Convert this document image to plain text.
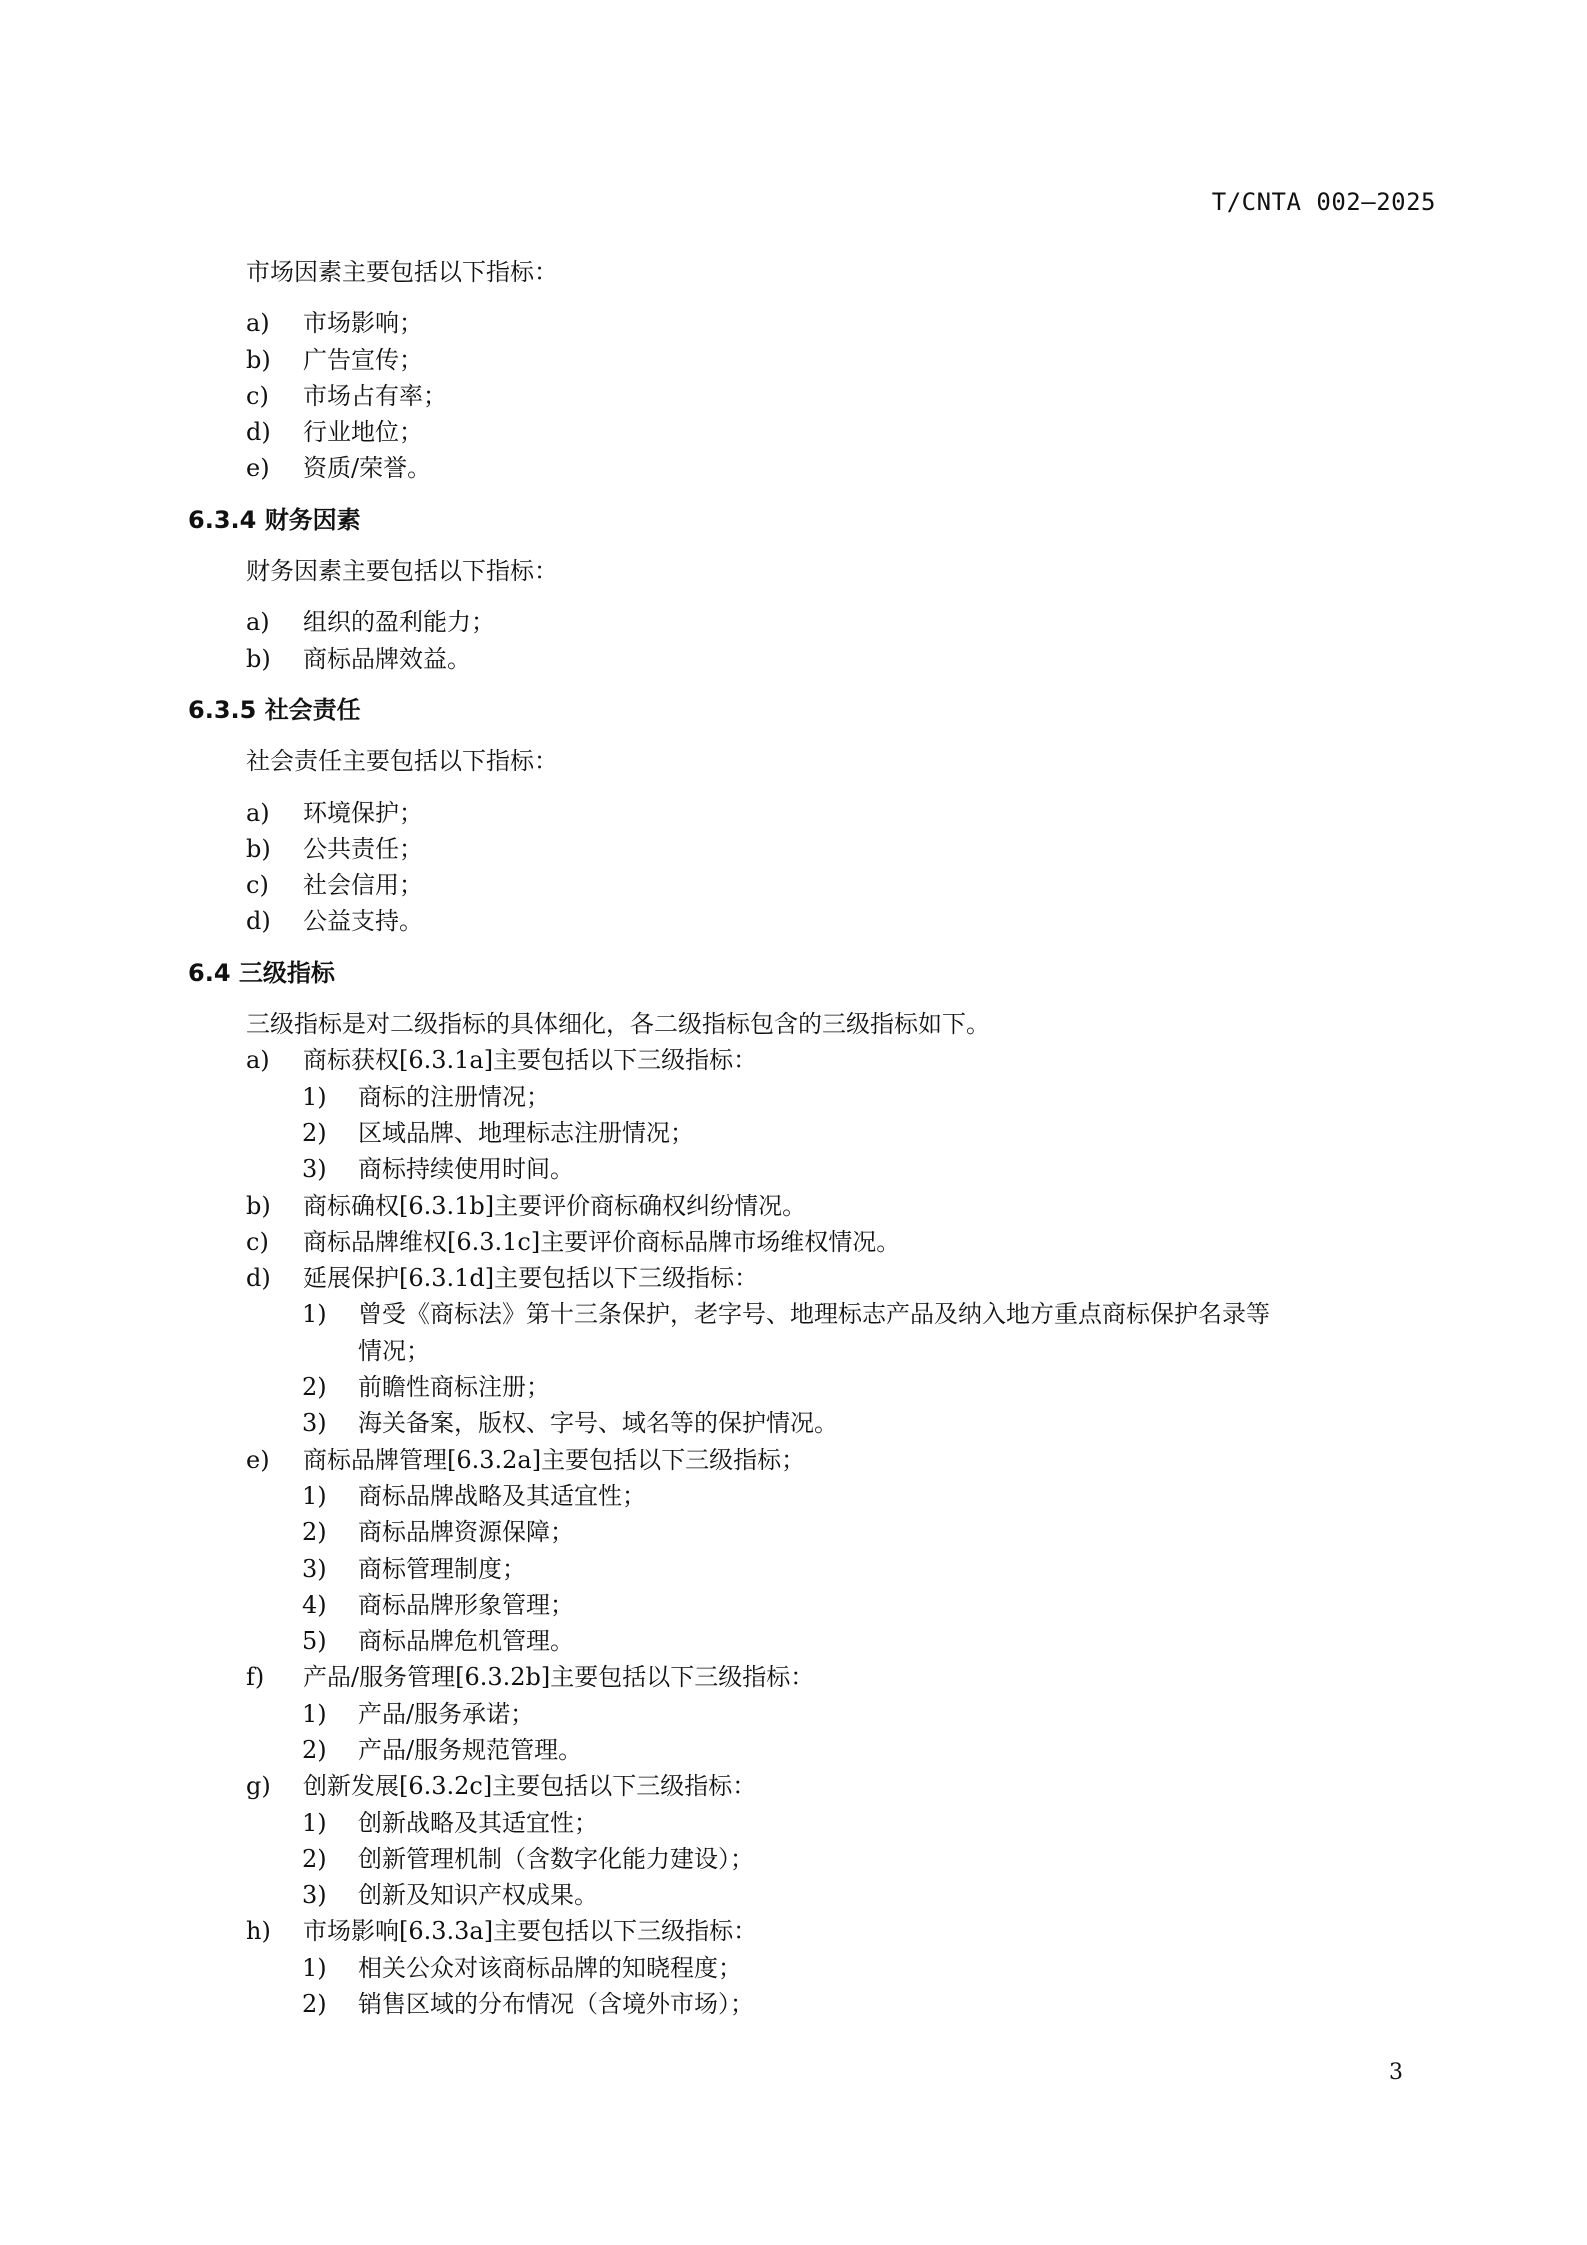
T/CNTA 002—2025
市场因素主要包括以下指标：
a)	市场影响；
b)	广告宣传；
c)	市场占有率；
d)	行业地位；
e)	资质/荣誉。
6.3.4 财务因素
财务因素主要包括以下指标：
a)	组织的盈利能力；
b)	商标品牌效益。
6.3.5 社会责任
社会责任主要包括以下指标：
a)	环境保护；
b)	公共责任；
c)	社会信用；
d)	公益支持。
6.4 三级指标
三级指标是对二级指标的具体细化，各二级指标包含的三级指标如下。
a)	商标获权[6.3.1a]主要包括以下三级指标：
1)	商标的注册情况；
2)	区域品牌、地理标志注册情况；
3)	商标持续使用时间。
b)	商标确权[6.3.1b]主要评价商标确权纠纷情况。
c)	商标品牌维权[6.3.1c]主要评价商标品牌市场维权情况。
d)	延展保护[6.3.1d]主要包括以下三级指标：
1)	曾受《商标法》第十三条保护，老字号、地理标志产品及纳入地方重点商标保护名录等
情况；
2)	前瞻性商标注册；
3)	海关备案，版权、字号、域名等的保护情况。
e)	商标品牌管理[6.3.2a]主要包括以下三级指标；
1)	商标品牌战略及其适宜性；
2)	商标品牌资源保障；
3)	商标管理制度；
4)	商标品牌形象管理；
5)	商标品牌危机管理。
f)	产品/服务管理[6.3.2b]主要包括以下三级指标：
1)	产品/服务承诺；
2)	产品/服务规范管理。
g)	创新发展[6.3.2c]主要包括以下三级指标：
1)	创新战略及其适宜性；
2)	创新管理机制（含数字化能力建设）；
3)	创新及知识产权成果。
h)	市场影响[6.3.3a]主要包括以下三级指标：
1)	相关公众对该商标品牌的知晓程度；
2)	销售区域的分布情况（含境外市场）；
3
